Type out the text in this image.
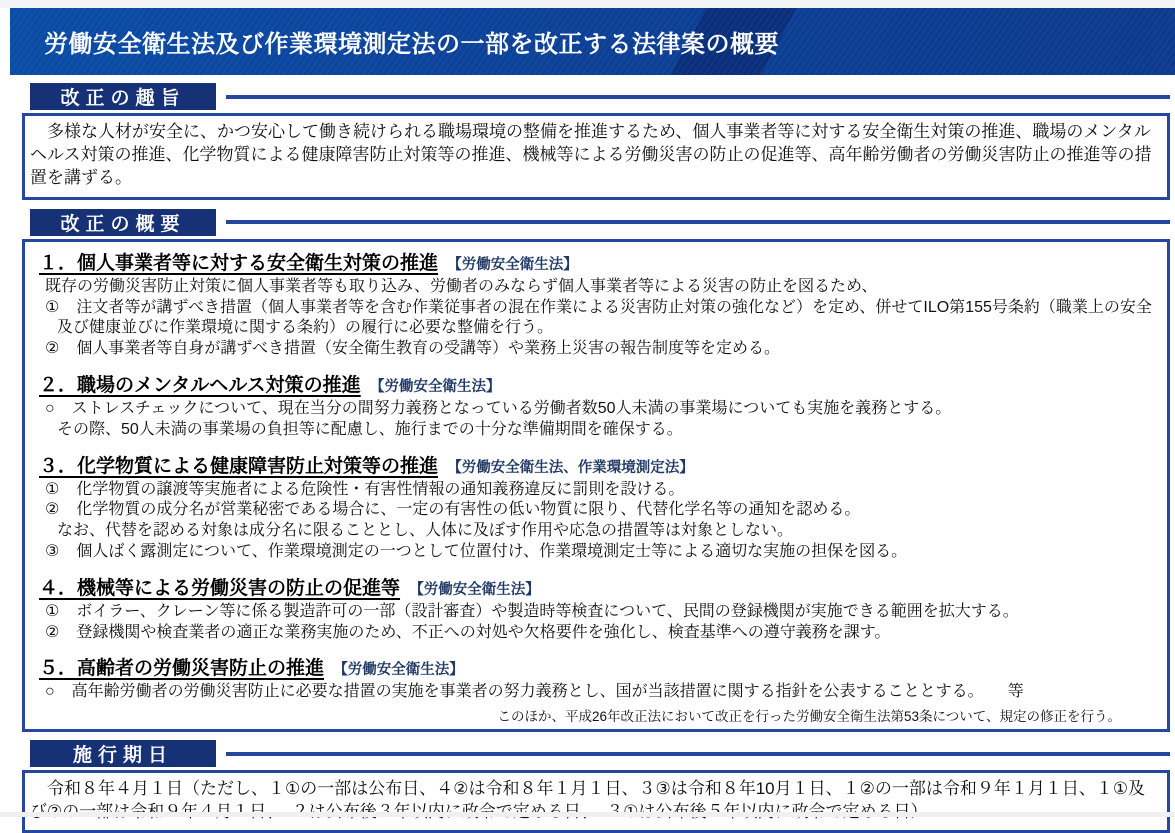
労働安全衛生法及び作業環境測定法の一部を改正する法律案の概要
改正の趣旨
　多様な人材が安全に、かつ安心して働き続けられる職場環境の整備を推進するため、個人事業者等に対する安全衛生対策の推進、職場のメンタルヘルス対策の推進、化学物質による健康障害防止対策等の推進、機械等による労働災害の防止の促進等、高年齢労働者の労働災害防止の推進等の措置を講ずる。
改正の概要
１．個人事業者等に対する安全衛生対策の推進 【労働安全衛生法】
既存の労働災害防止対策に個人事業者等も取り込み、労働者のみならず個人事業者等による災害の防止を図るため、
① 注文者等が講ずべき措置（個人事業者等を含む作業従事者の混在作業による災害防止対策の強化など）を定め、併せてILO第155号条約（職業上の安全及び健康並びに作業環境に関する条約）の履行に必要な整備を行う。
② 個人事業者等自身が講ずべき措置（安全衛生教育の受講等）や業務上災害の報告制度等を定める。
２．職場のメンタルヘルス対策の推進 【労働安全衛生法】
○ ストレスチェックについて、現在当分の間努力義務となっている労働者数50人未満の事業場についても実施を義務とする。
その際、50人未満の事業場の負担等に配慮し、施行までの十分な準備期間を確保する。
３．化学物質による健康障害防止対策等の推進 【労働安全衛生法、作業環境測定法】
① 化学物質の譲渡等実施者による危険性・有害性情報の通知義務違反に罰則を設ける。
② 化学物質の成分名が営業秘密である場合に、一定の有害性の低い物質に限り、代替化学名等の通知を認める。
なお、代替を認める対象は成分名に限ることとし、人体に及ぼす作用や応急の措置等は対象としない。
③ 個人ばく露測定について、作業環境測定の一つとして位置付け、作業環境測定士等による適切な実施の担保を図る。
４．機械等による労働災害の防止の促進等 【労働安全衛生法】
① ボイラー、クレーン等に係る製造許可の一部（設計審査）や製造時等検査について、民間の登録機関が実施できる範囲を拡大する。
② 登録機関や検査業者の適正な業務実施のため、不正への対処や欠格要件を強化し、検査基準への遵守義務を課す。
５．高齢者の労働災害防止の推進 【労働安全衛生法】
○ 高年齢労働者の労働災害防止に必要な措置の実施を事業者の努力義務とし、国が当該措置に関する指針を公表することとする。　　等
このほか、平成26年改正法において改正を行った労働安全衛生法第53条について、規定の修正を行う。
施行期日
　令和８年４月１日（ただし、１①の一部は公布日、４②は令和８年１月１日、３③は令和８年10月１日、１②の一部は令和９年１月１日、１①及　　
